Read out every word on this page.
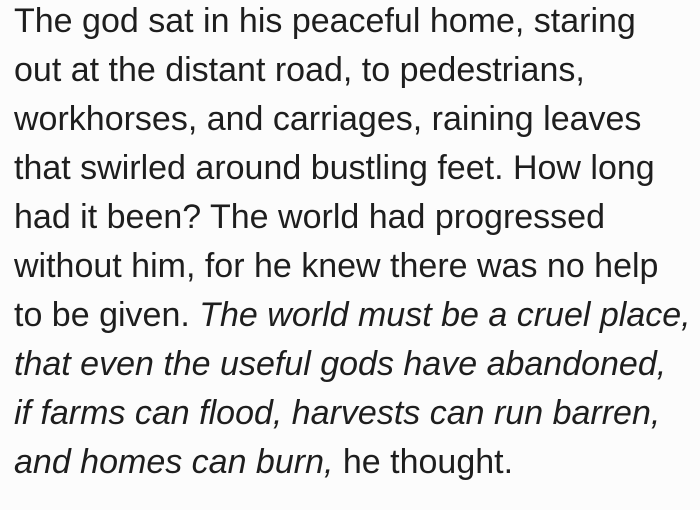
The god sat in his peaceful home, staring
out at the distant road, to pedestrians,
workhorses, and carriages, raining leaves
that swirled around bustling feet. How long
had it been? The world had progressed
without him, for he knew there was no help
to be given. The world must be a cruel place,
that even the useful gods have abandoned,
if farms can flood, harvests can run barren,
and homes can burn, he thought.
